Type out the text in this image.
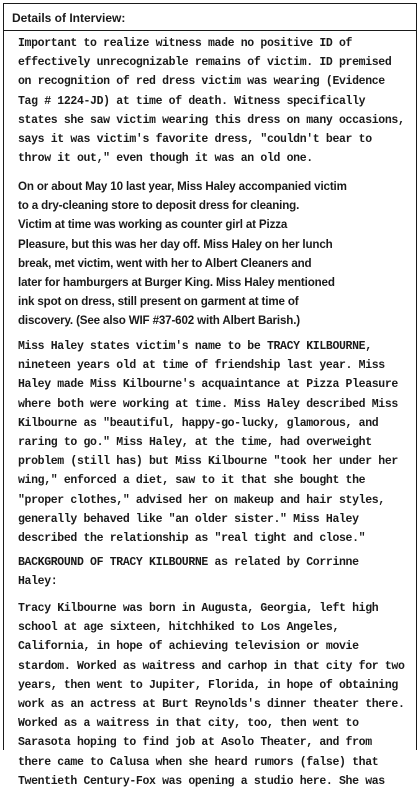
Details of Interview:
Important to realize witness made no positive ID of
effectively unrecognizable remains of victim. ID premised
on recognition of red dress victim was wearing (Evidence
Tag # 1224-JD) at time of death. Witness specifically
states she saw victim wearing this dress on many occasions,
says it was victim's favorite dress, "couldn't bear to
throw it out," even though it was an old one.
On or about May 10 last year, Miss Haley accompanied victim
to a dry-cleaning store to deposit dress for cleaning.
Victim at time was working as counter girl at Pizza
Pleasure, but this was her day off. Miss Haley on her lunch
break, met victim, went with her to Albert Cleaners and
later for hamburgers at Burger King. Miss Haley mentioned
ink spot on dress, still present on garment at time of
discovery. (See also WIF #37-602 with Albert Barish.)
Miss Haley states victim's name to be TRACY KILBOURNE,
nineteen years old at time of friendship last year. Miss
Haley made Miss Kilbourne's acquaintance at Pizza Pleasure
where both were working at time. Miss Haley described Miss
Kilbourne as "beautiful, happy-go-lucky, glamorous, and
raring to go." Miss Haley, at the time, had overweight
problem (still has) but Miss Kilbourne "took her under her
wing," enforced a diet, saw to it that she bought the
"proper clothes," advised her on makeup and hair styles,
generally behaved like "an older sister." Miss Haley
described the relationship as "real tight and close."
BACKGROUND OF TRACY KILBOURNE as related by Corrinne
Haley:
Tracy Kilbourne was born in Augusta, Georgia, left high
school at age sixteen, hitchhiked to Los Angeles,
California, in hope of achieving television or movie
stardom. Worked as waitress and carhop in that city for two
years, then went to Jupiter, Florida, in hope of obtaining
work as an actress at Burt Reynolds's dinner theater there.
Worked as a waitress in that city, too, then went to
Sarasota hoping to find job at Asolo Theater, and from
there came to Calusa when she heard rumors (false) that
Twentieth Century-Fox was opening a studio here. She was
